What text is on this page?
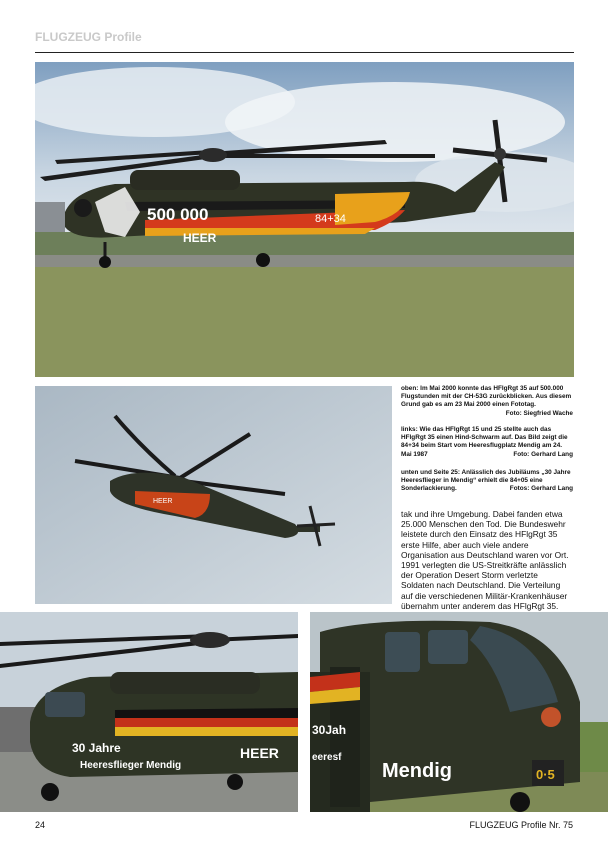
FLUGZEUG Profile
500 000
HEER
84+34
HEER
oben: Im Mai 2000 konnte das HFlgRgt 35 auf 500.000 Flugstunden mit der CH-53G zurückblicken. Aus diesem Grund gab es am 23 Mai 2000 einen Fototag.
Foto: Siegfried Wache
links: Wie das HFlgRgt 15 und 25 stellte auch das HFlgRgt 35 einen Hind-Schwarm auf. Das Bild zeigt die 84+34 beim Start vom Heeresflugplatz Mendig am 24. Mai 1987	Foto: Gerhard Lang
unten und Seite 25: Anlässlich des Jubiläums „30 Jahre Heeresflieger in Mendig“ erhielt die 84+05 eine Sonderlackierung.	Fotos: Gerhard Lang
tak und ihre Umgebung. Dabei fanden etwa 25.000 Menschen den Tod. Die Bundeswehr leistete durch den Einsatz des HFlgRgt 35 erste Hilfe, aber auch viele andere Organisation aus Deutschland waren vor Ort. 1991 verlegten die US-Streitkräfte anlässlich der Operation Desert Storm verletzte Soldaten nach Deutschland. Die Verteilung auf die verschiedenen Militär-Krankenhäuser übernahm unter anderem das HFlgRgt 35.
30 Jahre
Heeresflieger Mendig
HEER
30Jah
eeresf
Mendig	0·5
24	FLUGZEUG Profile Nr. 75
